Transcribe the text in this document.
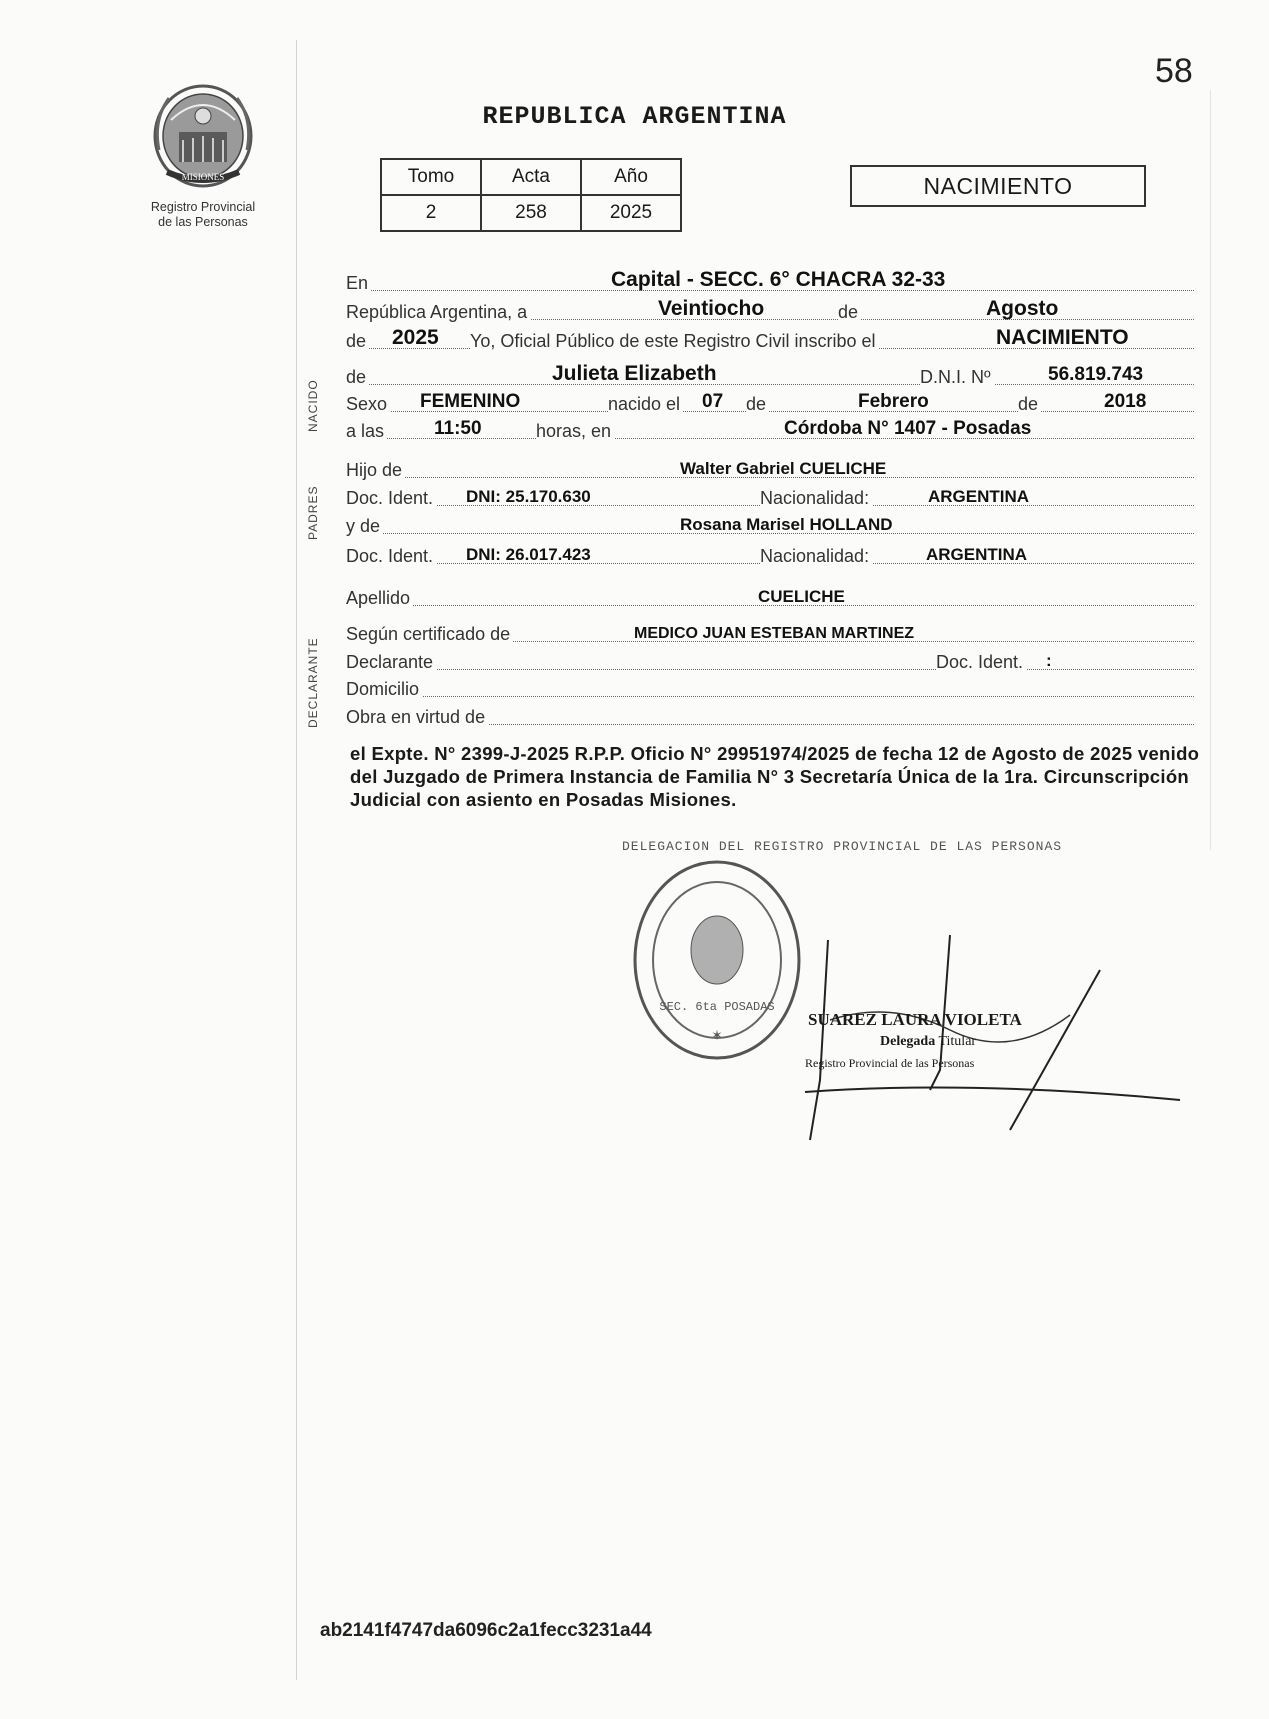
58
MISIONES
Registro Provincial
de las Personas
REPUBLICA ARGENTINA
Tomo	Acta	Año
2	258	2025
NACIMIENTO
NACIDO
PADRES
DECLARANTE
En	Capital - SECC. 6° CHACRA 32-33
República Argentina, a	Veintiocho	de	Agosto
de 2025 Yo, Oficial Público de este Registro Civil inscribo el	NACIMIENTO
de	Julieta Elizabeth	D.N.I. Nº	56.819.743
Sexo FEMENINO	nacido el 07 de	Febrero	de	2018
a las	11:50	horas, en	Córdoba N° 1407 - Posadas
Hijo de	Walter Gabriel CUELICHE
Doc. Ident. DNI: 25.170.630	Nacionalidad:	ARGENTINA
y de	Rosana Marisel HOLLAND
Doc. Ident. DNI: 26.017.423	Nacionalidad:	ARGENTINA
Apellido	CUELICHE
Según certificado de	MEDICO JUAN ESTEBAN MARTINEZ
Declarante	Doc. Ident. :
Domicilio
Obra en virtud de
el Expte. N° 2399-J-2025 R.P.P. Oficio N° 29951974/2025 de fecha 12 de Agosto de 2025 venido del Juzgado de Primera Instancia de Familia N° 3 Secretaría Única de la 1ra. Circunscripción Judicial con asiento en Posadas Misiones.
DELEGACION DEL REGISTRO PROVINCIAL DE LAS PERSONAS
SEC. 6ta POSADAS
✶
SUAREZ LAURA VIOLETA
Delegada Titular
Registro Provincial de las Personas
ab2141f4747da6096c2a1fecc3231a44
